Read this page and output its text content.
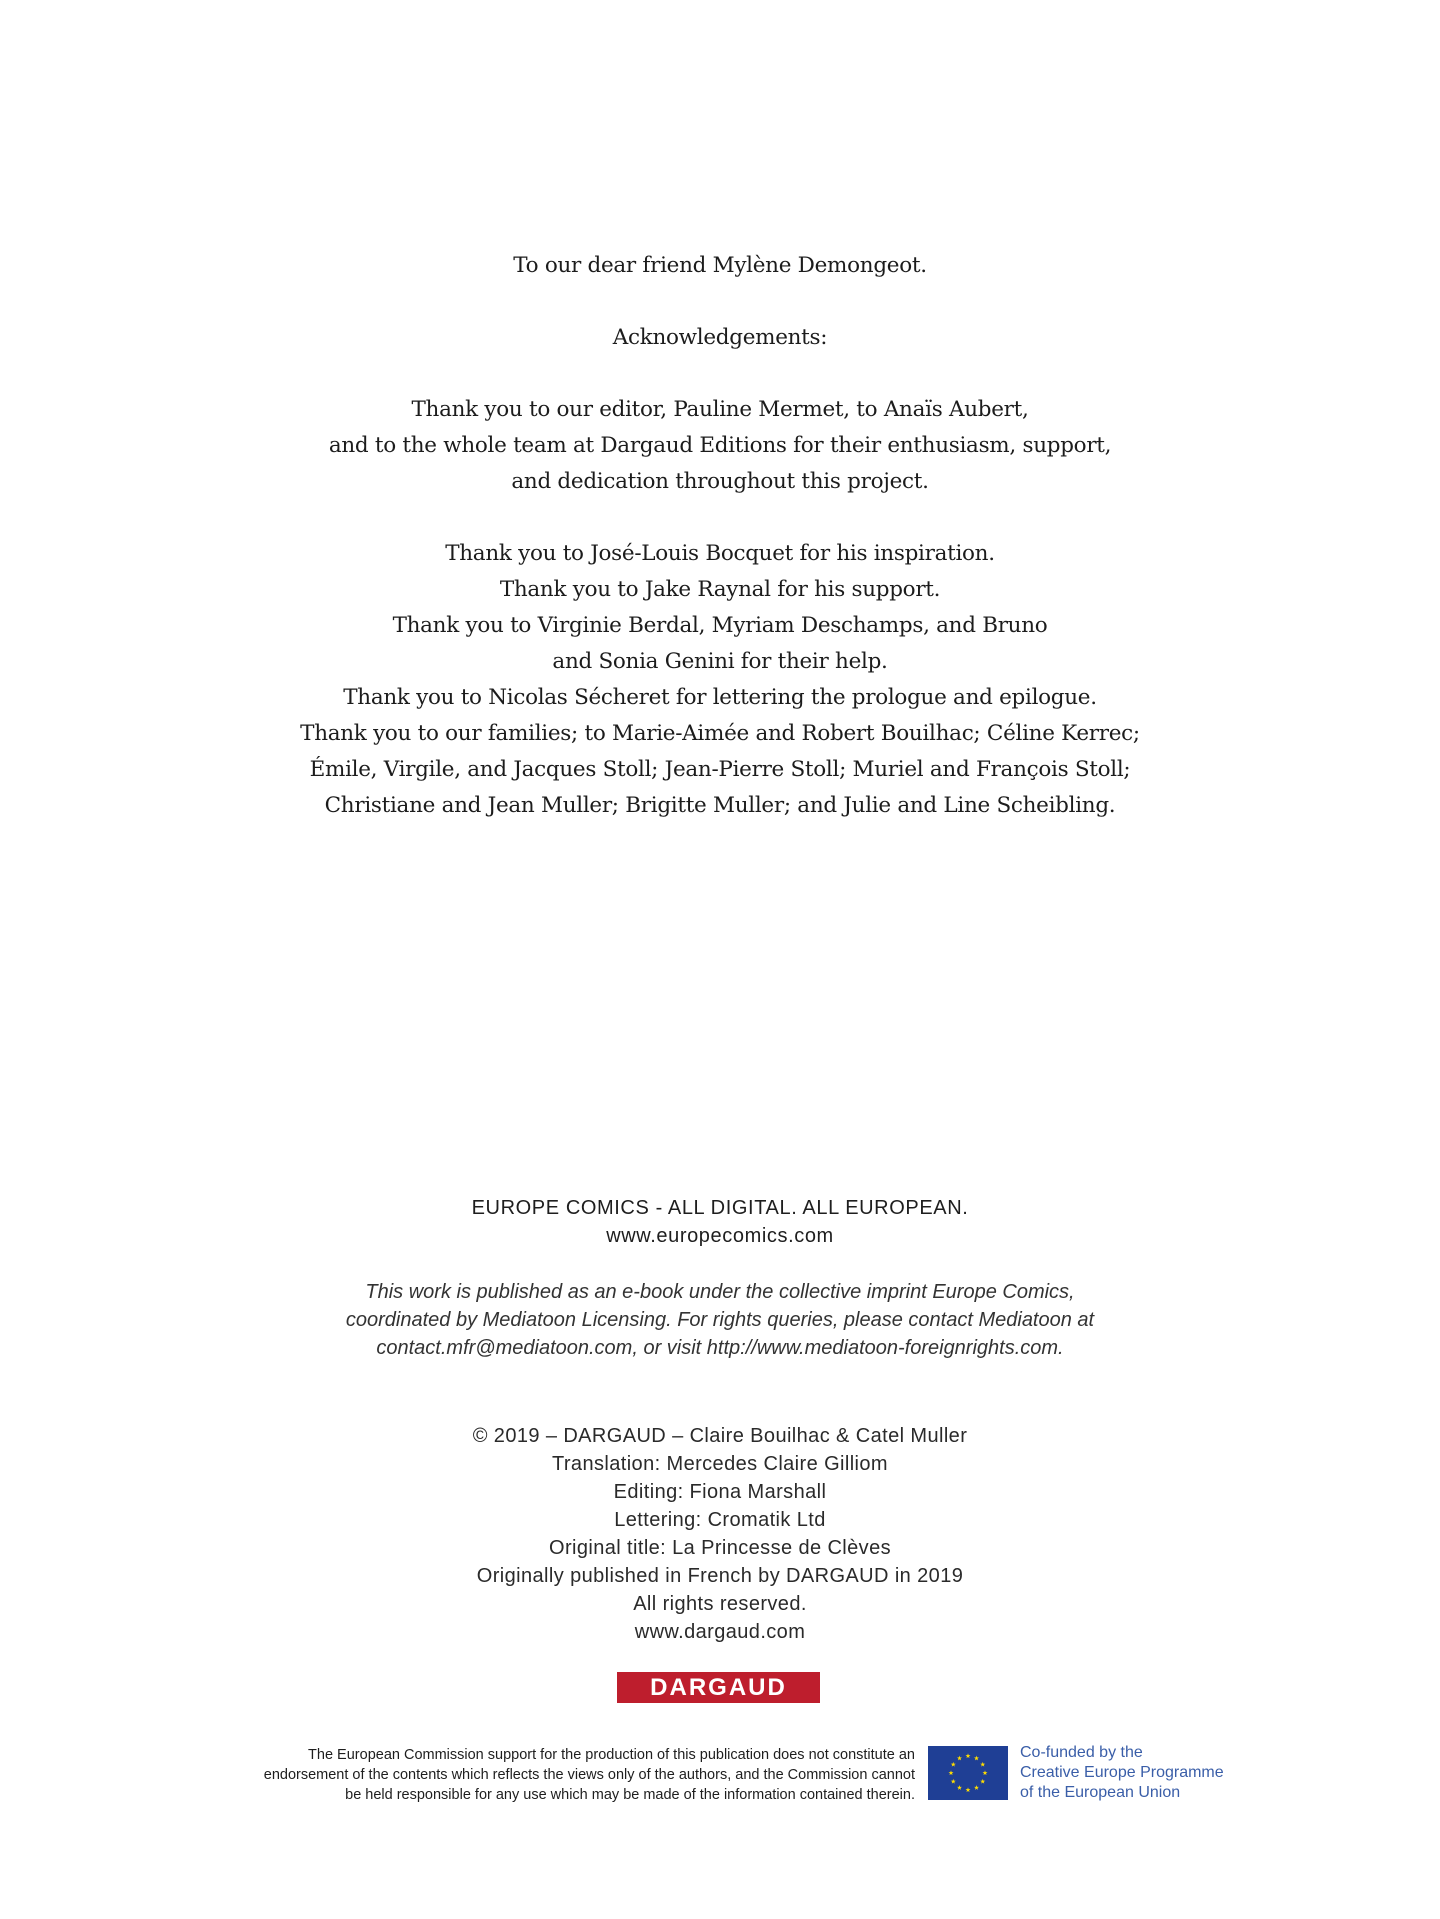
To our dear friend Mylène Demongeot.
Acknowledgements:
Thank you to our editor, Pauline Mermet, to Anaïs Aubert,
and to the whole team at Dargaud Editions for their enthusiasm, support,
and dedication throughout this project.
Thank you to José-Louis Bocquet for his inspiration.
Thank you to Jake Raynal for his support.
Thank you to Virginie Berdal, Myriam Deschamps, and Bruno
and Sonia Genini for their help.
Thank you to Nicolas Sécheret for lettering the prologue and epilogue.
Thank you to our families; to Marie-Aimée and Robert Bouilhac; Céline Kerrec;
Émile, Virgile, and Jacques Stoll; Jean-Pierre Stoll; Muriel and François Stoll;
Christiane and Jean Muller; Brigitte Muller; and Julie and Line Scheibling.
EUROPE COMICS - ALL DIGITAL. ALL EUROPEAN.
www.europecomics.com
This work is published as an e-book under the collective imprint Europe Comics,
coordinated by Mediatoon Licensing. For rights queries, please contact Mediatoon at
contact.mfr@mediatoon.com, or visit http://www.mediatoon-foreignrights.com.
© 2019 – DARGAUD – Claire Bouilhac & Catel Muller
Translation: Mercedes Claire Gilliom
Editing: Fiona Marshall
Lettering: Cromatik Ltd
Original title: La Princesse de Clèves
Originally published in French by DARGAUD in 2019
All rights reserved.
www.dargaud.com
DARGAUD
The European Commission support for the production of this publication does not constitute an
endorsement of the contents which reflects the views only of the authors, and the Commission cannot
be held responsible for any use which may be made of the information contained therein.
Co-funded by the
Creative Europe Programme
of the European Union
